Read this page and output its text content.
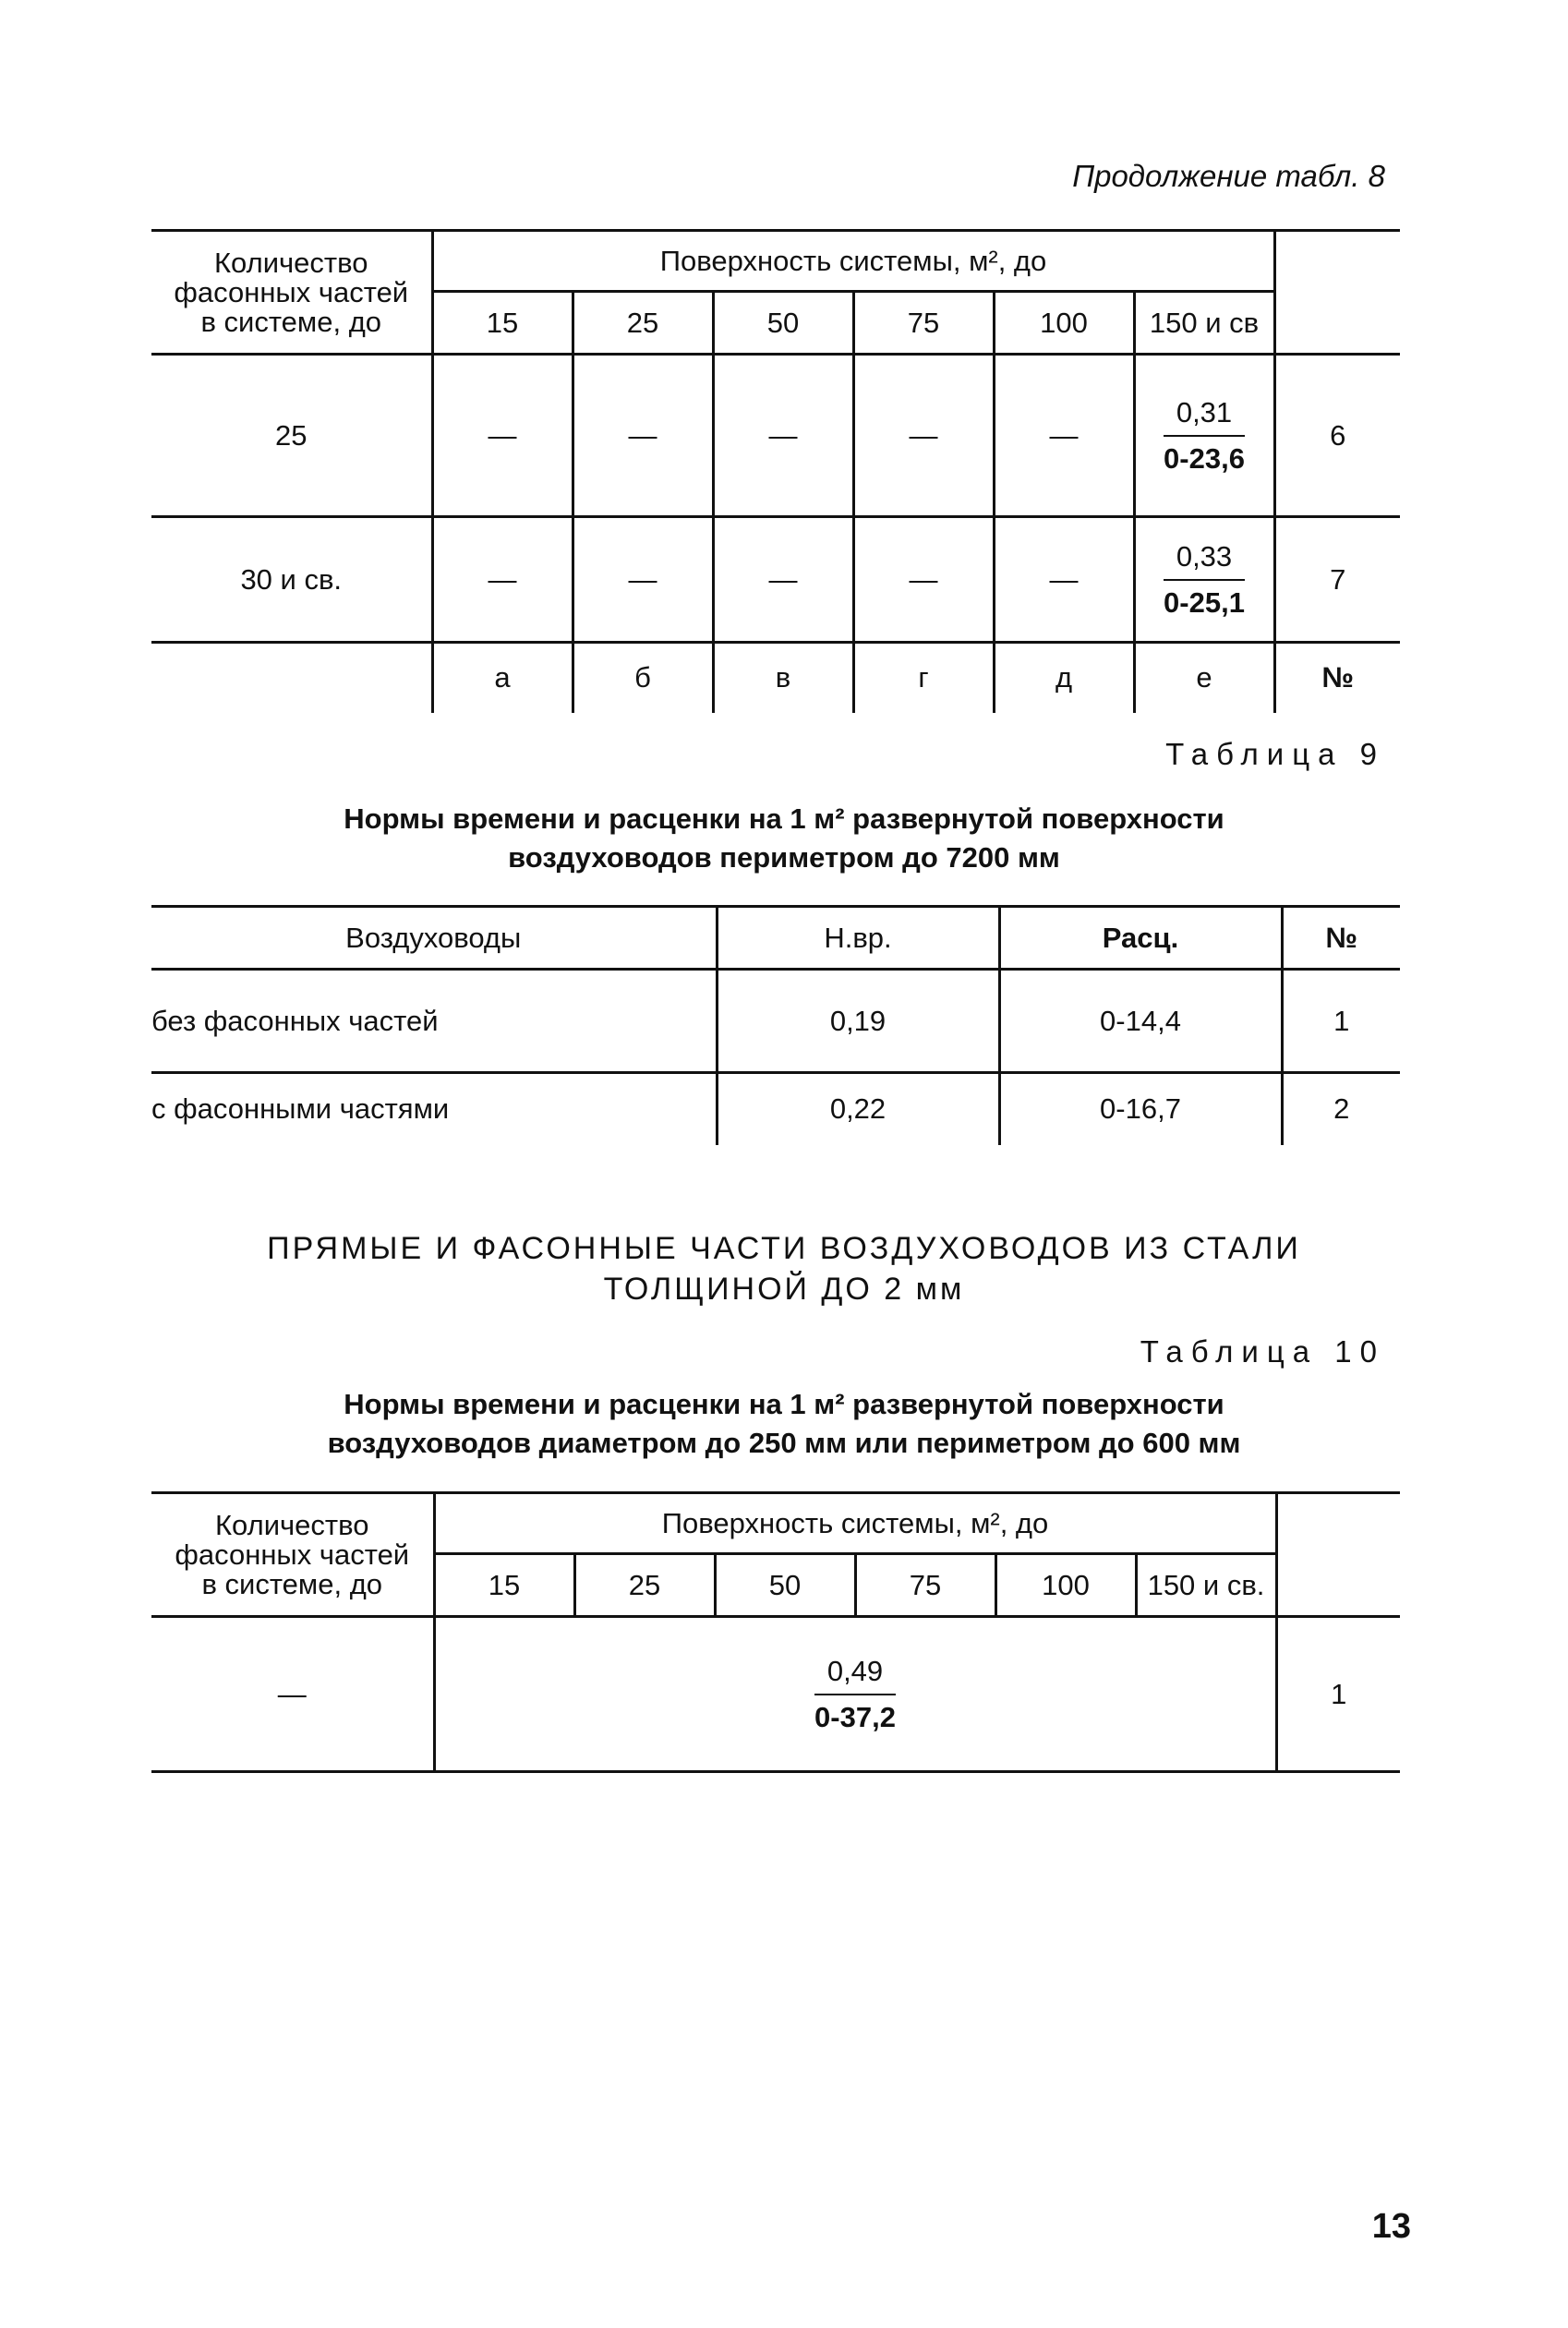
Продолжение табл. 8
Количество
фасонных частей
в системе, до	Поверхность системы, м², до						
	15	25	50	75	100	150 и св	
25	—	—	—	—	—	$\frac{0,31}{0-23,6}$	6
30 и св.	—	—	—	—	—	$\frac{0,33}{0-25,1}$	7
	а	б	в	г	д	е	№
Таблица 9
Нормы времени и расценки на 1 м² развернутой поверхности
воздуховодов периметром до 7200 мм
Воздуховоды	Н.вр.	Расц.	№
без фасонных частей	0,19	0-14,4	1
с фасонными частями	0,22	0-16,7	2
ПРЯМЫЕ И ФАСОННЫЕ ЧАСТИ ВОЗДУХОВОДОВ ИЗ СТАЛИ
ТОЛЩИНОЙ ДО 2 мм
Таблица 10
Нормы времени и расценки на 1 м² развернутой поверхности
воздуховодов диаметром до 250 мм или периметром до 600 мм
Количество
фасонных частей
в системе, до	Поверхность системы, м², до						
	15	25	50	75	100	150 и св.	
—	$\frac{0,49}{0-37,2}$						1
13
